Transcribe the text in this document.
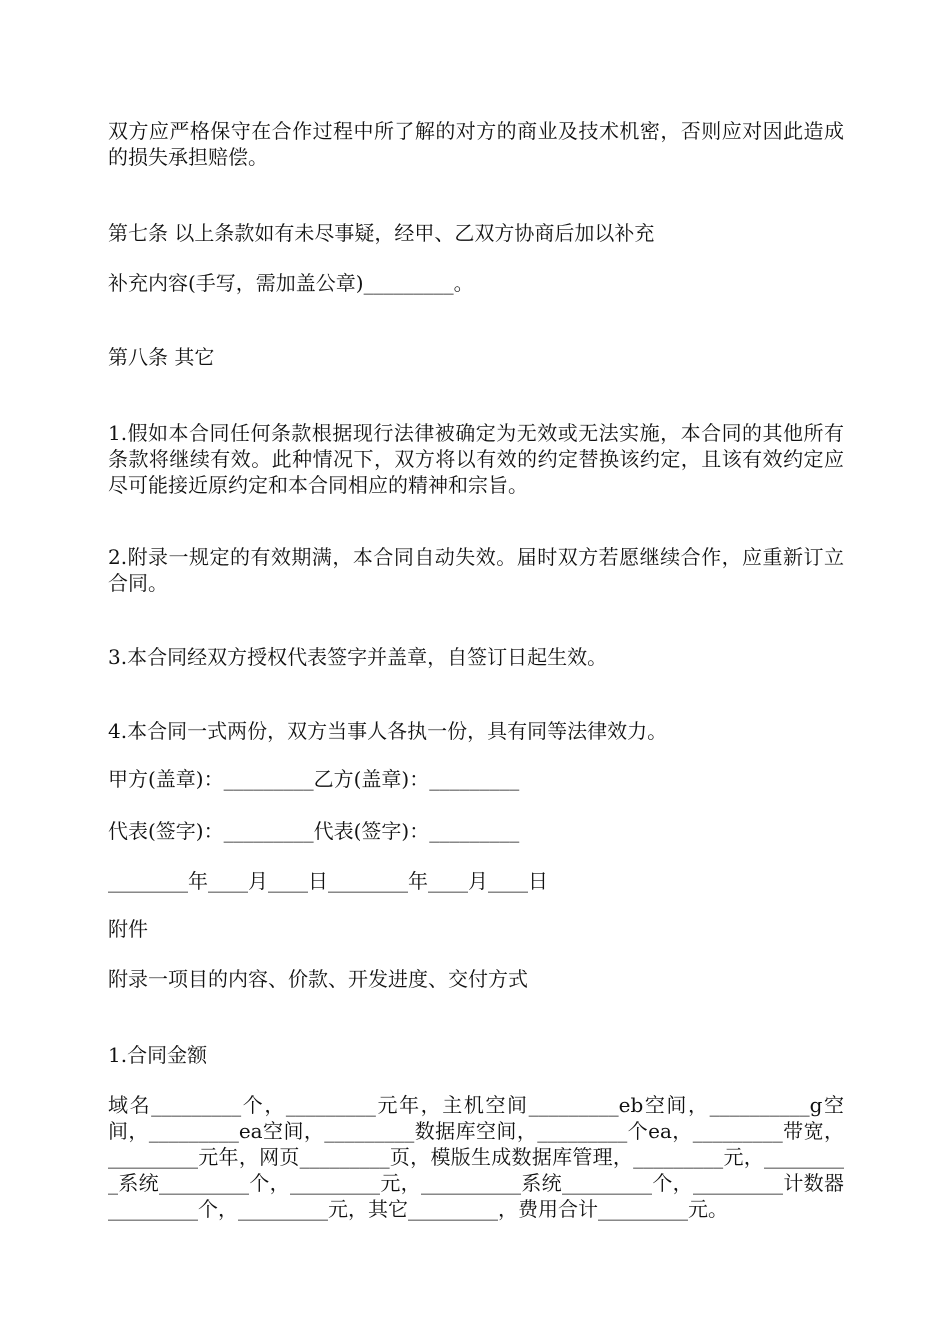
双方应严格保守在合作过程中所了解的对方的商业及技术机密，否则应对因此造成的损失承担赔偿。

第七条 以上条款如有未尽事疑，经甲、乙双方协商后加以补充

补充内容(手写，需加盖公章)_________。

第八条 其它

1.假如本合同任何条款根据现行法律被确定为无效或无法实施，本合同的其他所有条款将继续有效。此种情况下，双方将以有效的约定替换该约定，且该有效约定应尽可能接近原约定和本合同相应的精神和宗旨。

2.附录一规定的有效期满，本合同自动失效。届时双方若愿继续合作，应重新订立合同。

3.本合同经双方授权代表签字并盖章，自签订日起生效。

4.本合同一式两份，双方当事人各执一份，具有同等法律效力。

甲方(盖章)：_________乙方(盖章)：_________

代表(签字)：_________代表(签字)：_________

________年____月____日________年____月____日

附件

附录一项目的内容、价款、开发进度、交付方式

1.合同金额

域名_________个，_________元年，主机空间_________eb空间，__________g空间，_________ea空间，_________数据库空间，_________个ea，_________带宽，_________元年，网页_________页，模版生成数据库管理，_________元，_________系统_________个，_________元，__________系统_________个，_________计数器_________个，_________元，其它_________，费用合计_________元。
